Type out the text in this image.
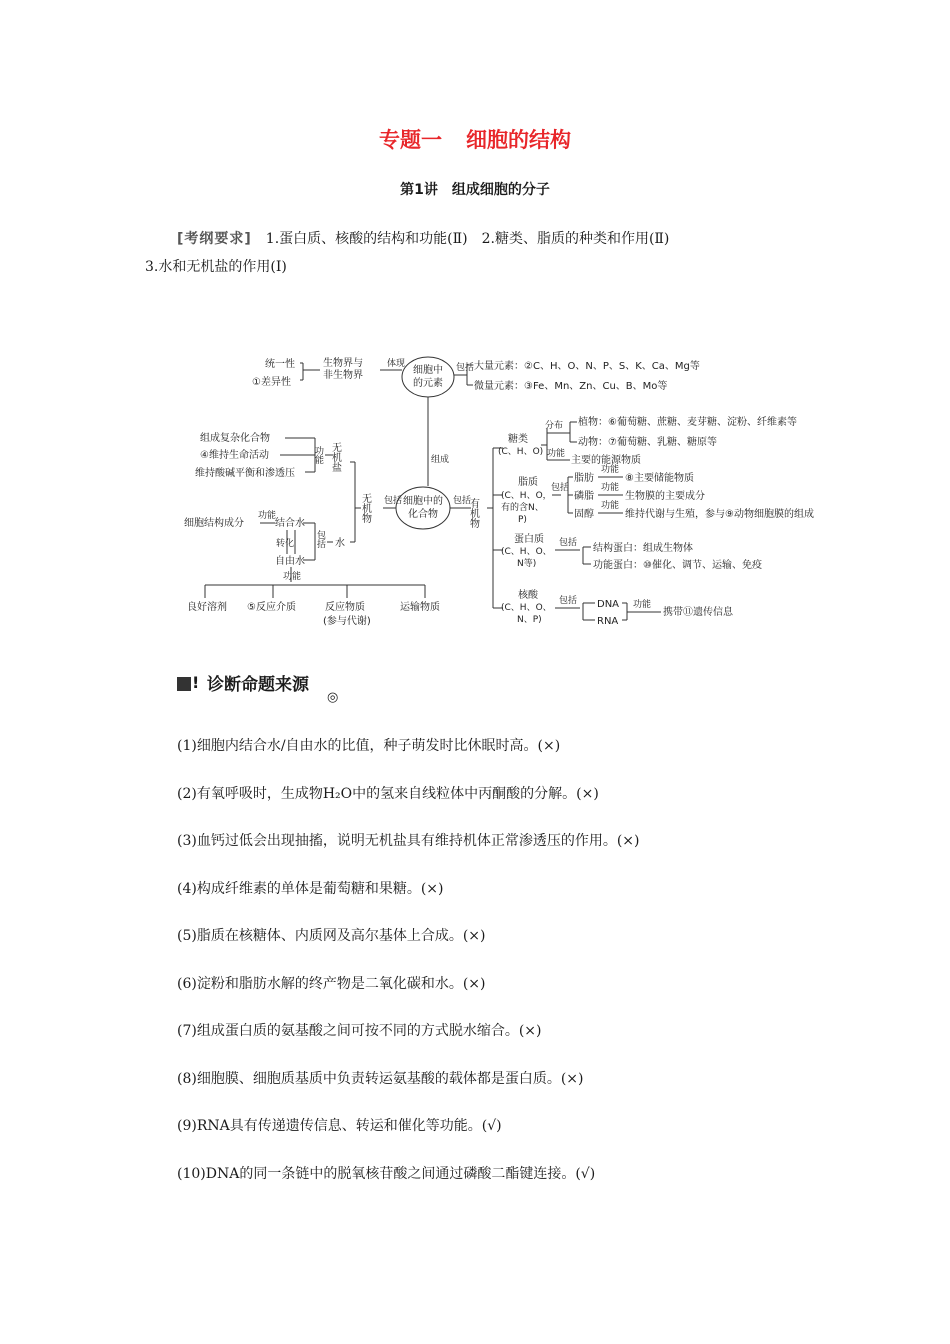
专题一 细胞的结构
第1讲 组成细胞的分子
[考纲要求] 1.蛋白质、核酸的结构和功能(Ⅱ)　2.糖类、脂质的种类和作用(Ⅱ)
3.水和无机盐的作用(Ⅰ)
细胞中
的元素
体现
生物界与
非生物界
统一性
①差异性
包括 大量元素：②C、H、O、N、P、S、K、Ca、Mg等
微量元素：③Fe、Mn、Zn、Cu、B、Mo等
组成
细胞中的
化合物
包括
有机物
糖类
(C、H、O)
分布 植物：⑥葡萄糖、蔗糖、麦芽糖、淀粉、纤维素等
动物：⑦葡萄糖、乳糖、糖原等
功能
主要的能源物质
脂质
(C、H、O，
有的含N、
P)
包括
脂肪
磷脂
固醇
功能
功能
功能
⑧主要储能物质
生物膜的主要成分
维持代谢与生殖，参与⑨动物细胞膜的组成
蛋白质
(C、H、O、
N等)
包括 结构蛋白：组成生物体
功能蛋白：⑩催化、调节、运输、免疫
核酸
(C、H、O、
N、P)
包括 DNA
RNA
功能
携带⑪遗传信息
包括
无机物
无机盐
功能
组成复杂化合物
④维持生命活动
维持酸碱平衡和渗透压
水
包括
结合水
自由水
转化
功能
细胞结构成分
功能
良好溶剂 ⑤反应介质	反应物质
(参与代谢)
运输物质
! 诊断命题来源
◎
(1)细胞内结合水/自由水的比值，种子萌发时比休眠时高。(×)
(2)有氧呼吸时，生成物H₂O中的氢来自线粒体中丙酮酸的分解。(×)
(3)血钙过低会出现抽搐，说明无机盐具有维持机体正常渗透压的作用。(×)
(4)构成纤维素的单体是葡萄糖和果糖。(×)
(5)脂质在核糖体、内质网及高尔基体上合成。(×)
(6)淀粉和脂肪水解的终产物是二氧化碳和水。(×)
(7)组成蛋白质的氨基酸之间可按不同的方式脱水缩合。(×)
(8)细胞膜、细胞质基质中负责转运氨基酸的载体都是蛋白质。(×)
(9)RNA具有传递遗传信息、转运和催化等功能。(√)
(10)DNA的同一条链中的脱氧核苷酸之间通过磷酸二酯键连接。(√)
